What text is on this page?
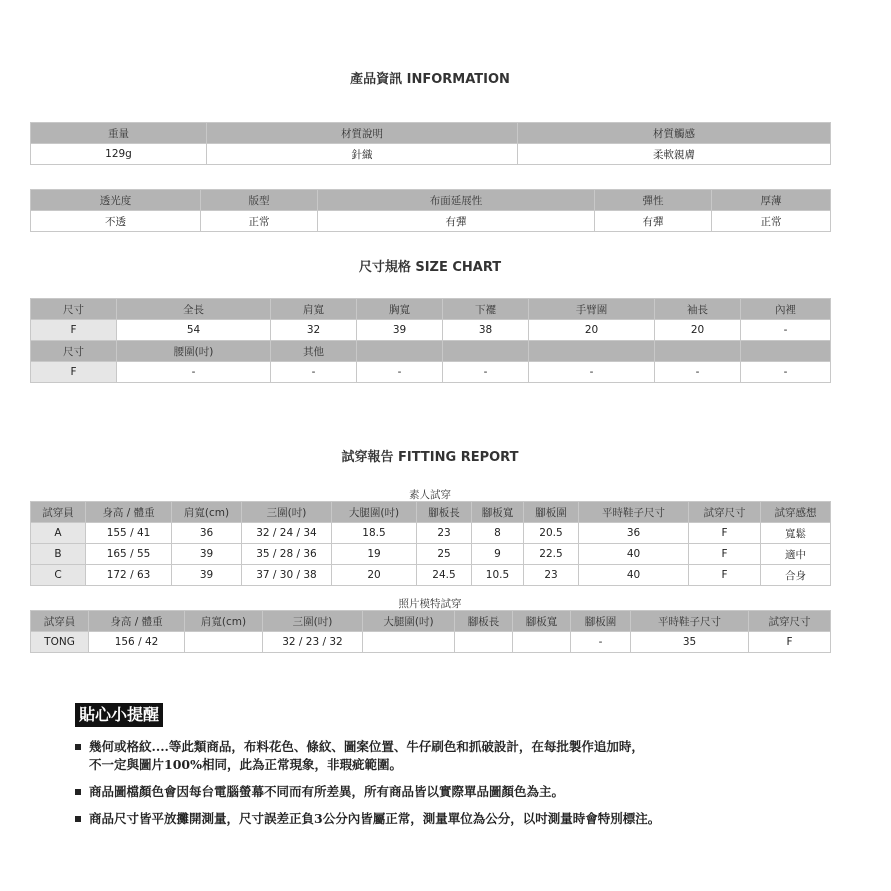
產品資訊 INFORMATION
重量	材質說明	材質觸感
129g	針織	柔軟親膚
透光度	版型	布面延展性	彈性	厚薄
不透	正常	有彈	有彈	正常
尺寸規格 SIZE CHART
尺寸	全長	肩寬	胸寬	下襬	手臂圍	袖長	內裡
F	54	32	39	38	20	20	-
尺寸	腰圍(吋)	其他					
F	-	-	-	-	-	-	-
試穿報告 FITTING REPORT
素人試穿
試穿員	身高 / 體重	肩寬(cm)	三圍(吋)	大腿圍(吋)	腳板長	腳板寬	腳板圍	平時鞋子尺寸	試穿尺寸	試穿感想
A	155 / 41	36	32 / 24 / 34	18.5	23	8	20.5	36	F	寬鬆
B	165 / 55	39	35 / 28 / 36	19	25	9	22.5	40	F	適中
C	172 / 63	39	37 / 30 / 38	20	24.5	10.5	23	40	F	合身
照片模特試穿
試穿員	身高 / 體重	肩寬(cm)	三圍(吋)	大腿圍(吋)	腳板長	腳板寬	腳板圍	平時鞋子尺寸	試穿尺寸
TONG	156 / 42		32 / 23 / 32				-	35	F
貼心小提醒
幾何或格紋....等此類商品，布料花色、條紋、圖案位置、牛仔刷色和抓破設計，在每批製作追加時，
不一定與圖片100%相同，此為正常現象，非瑕疵範圍。
商品圖檔顏色會因每台電腦螢幕不同而有所差異，所有商品皆以實際單品圖顏色為主。
商品尺寸皆平放攤開測量，尺寸誤差正負3公分內皆屬正常，測量單位為公分，以吋測量時會特別標注。
